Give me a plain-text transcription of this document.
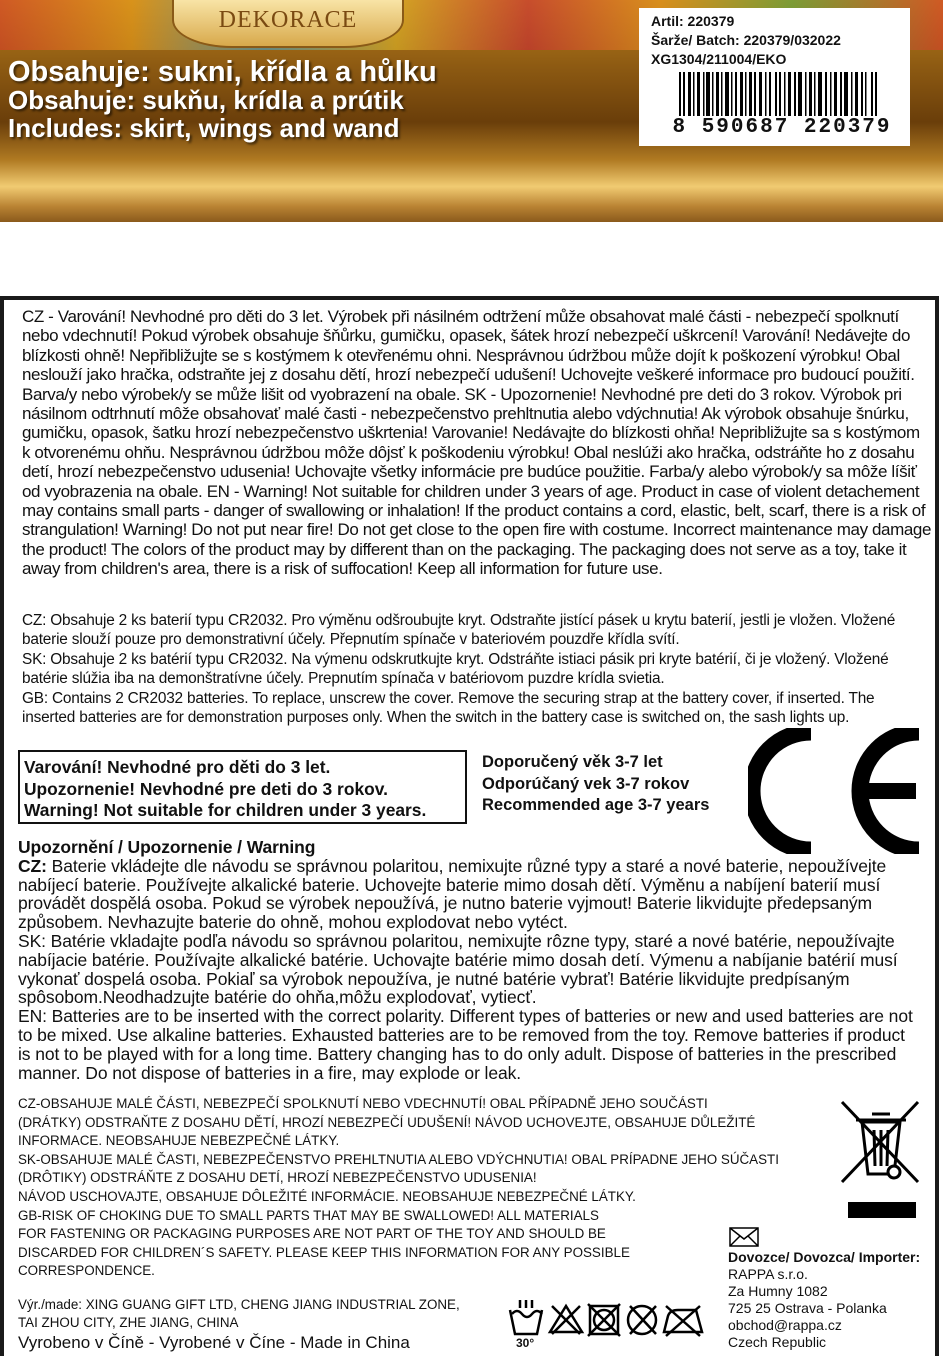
DEKORACE
Obsahuje: sukni, křídla a hůlku
Obsahuje: sukňu, krídla a prútik
Includes: skirt, wings and wand
Artil: 220379
Šarže/ Batch: 220379/032022
XG1304/211004/EKO
8 590687 220379

CZ - Varování! Nevhodné pro děti do 3 let. Výrobek při násilném odtržení může obsahovat malé části - nebezpečí spolknutí nebo vdechnutí! Pokud výrobek obsahuje šňůrku, gumičku, opasek, šátek hrozí nebezpečí uškrcení! Varování! Nedávejte do blízkosti ohně! Nepřibližujte se s kostýmem k otevřenému ohni. Nesprávnou údržbou může dojít k poškození výrobku! Obal neslouží jako hračka, odstraňte jej z dosahu dětí, hrozí nebezpečí udušení! Uchovejte veškeré informace pro budoucí použití. Barva/y nebo výrobek/y se může lišit od vyobrazení na obale. SK - Upozornenie! Nevhodné pre deti do 3 rokov. Výrobok pri násilnom odtrhnutí môže obsahovať malé časti - nebezpečenstvo prehltnutia alebo vdýchnutia! Ak výrobok obsahuje šnúrku, gumičku, opasok, šatku hrozí nebezpečenstvo uškrtenia! Varovanie! Nedávajte do blízkosti ohňa! Nepribližujte sa s kostýmom k otvorenému ohňu. Nesprávnou údržbou môže dôjsť k poškodeniu výrobku! Obal neslúži ako hračka, odstráňte ho z dosahu detí, hrozí nebezpečenstvo udusenia! Uchovajte všetky informácie pre budúce použitie. Farba/y alebo výrobok/y sa môže líšiť od vyobrazenia na obale. EN - Warning! Not suitable for children under 3 years of age. Product in case of violent detachement may contains small parts - danger of swallowing or inhalation! If the product contains a cord, elastic, belt, scarf, there is a risk of strangulation! Warning! Do not put near fire! Do not get close to the open fire with costume. Incorrect maintenance may damage the product! The colors of the product may by different than on the packaging. The packaging does not serve as a toy, take it away from children's area, there is a risk of suffocation! Keep all information for future use.

CZ: Obsahuje 2 ks baterií typu CR2032. Pro výměnu odšroubujte kryt. Odstraňte jistící pásek u krytu baterií, jestli je vložen. Vložené baterie slouží pouze pro demonstrativní účely. Přepnutím spínače v bateriovém pouzdře křídla svítí.
SK: Obsahuje 2 ks batérií typu CR2032. Na výmenu odskrutkujte kryt. Odstráňte istiaci pásik pri kryte batérií, či je vložený. Vložené batérie slúžia iba na demonštratívne účely. Prepnutím spínača v batériovom puzdre krídla svietia.
GB: Contains 2 CR2032 batteries. To replace, unscrew the cover. Remove the securing strap at the battery cover, if inserted. The inserted batteries are for demonstration purposes only. When the switch in the battery case is switched on, the sash lights up.
Varování! Nevhodné pro děti do 3 let.
Upozornenie! Nevhodné pre deti do 3 rokov.
Warning! Not suitable for children under 3 years.
Doporučený věk 3-7 let
Odporúčaný vek 3-7 rokov
Recommended age 3-7 years
Upozornění / Upozornenie / Warning
CZ: Baterie vkládejte dle návodu se správnou polaritou, nemixujte různé typy a staré a nové baterie, nepoužívejte nabíjecí baterie. Používejte alkalické baterie. Uchovejte baterie mimo dosah dětí. Výměnu a nabíjení baterií musí provádět dospělá osoba. Pokud se výrobek nepoužívá, je nutno baterie vyjmout! Baterie likvidujte předepsaným způsobem. Nevhazujte baterie do ohně, mohou explodovat nebo vytéct.
SK: Batérie vkladajte podľa návodu so správnou polaritou, nemixujte rôzne typy, staré a nové batérie, nepoužívajte nabíjacie batérie. Používajte alkalické batérie. Uchovajte batérie mimo dosah detí. Výmenu a nabíjanie batérií musí vykonať dospelá osoba. Pokiaľ sa výrobok nepoužíva, je nutné batérie vybrať! Batérie likvidujte predpísaným spôsobom.Neodhadzujte batérie do ohňa,môžu explodovať, vytiecť.
EN: Batteries are to be inserted with the correct polarity. Different types of batteries or new and used batteries are not to be mixed. Use alkaline batteries. Exhausted batteries are to be removed from the toy. Remove batteries if product is not to be played with for a long time. Battery changing has to do only adult. Dispose of batteries in the prescribed manner. Do not dispose of batteries in a fire, may explode or leak.
CZ-OBSAHUJE MALÉ ČÁSTI, NEBEZPEČÍ SPOLKNUTÍ NEBO VDECHNUTÍ! OBAL PŘÍPADNĚ JEHO SOUČÁSTI
(DRÁTKY) ODSTRAŇTE Z DOSAHU DĚTÍ, HROZÍ NEBEZPEČÍ UDUŠENÍ! NÁVOD UCHOVEJTE, OBSAHUJE DŮLEŽITÉ
INFORMACE. NEOBSAHUJE NEBEZPEČNÉ LÁTKY.
SK-OBSAHUJE MALÉ ČASTI, NEBEZPEČENSTVO PREHLTNUTIA ALEBO VDÝCHNUTIA! OBAL PRÍPADNE JEHO SÚČASTI
(DRÔTIKY) ODSTRÁŇTE Z DOSAHU DETÍ, HROZÍ NEBEZPEČENSTVO UDUSENIA!
NÁVOD USCHOVAJTE, OBSAHUJE DÔLEŽITÉ INFORMÁCIE. NEOBSAHUJE NEBEZPEČNÉ LÁTKY.
GB-RISK OF CHOKING DUE TO SMALL PARTS THAT MAY BE SWALLOWED! ALL MATERIALS
FOR FASTENING OR PACKAGING PURPOSES ARE NOT PART OF THE TOY AND SHOULD BE
DISCARDED FOR CHILDREN´S SAFETY. PLEASE KEEP THIS INFORMATION FOR ANY POSSIBLE
CORRESPONDENCE.
Dovozce/ Dovozca/ Importer:
RAPPA s.r.o.
Za Humny 1082
725 25 Ostrava - Polanka
obchod@rappa.cz
Czech Republic
Výr./made: XING GUANG GIFT LTD, CHENG JIANG INDUSTRIAL ZONE,
TAI ZHOU CITY, ZHE JIANG, CHINA
Vyrobeno v Číně - Vyrobené v Číne - Made in China	30°
